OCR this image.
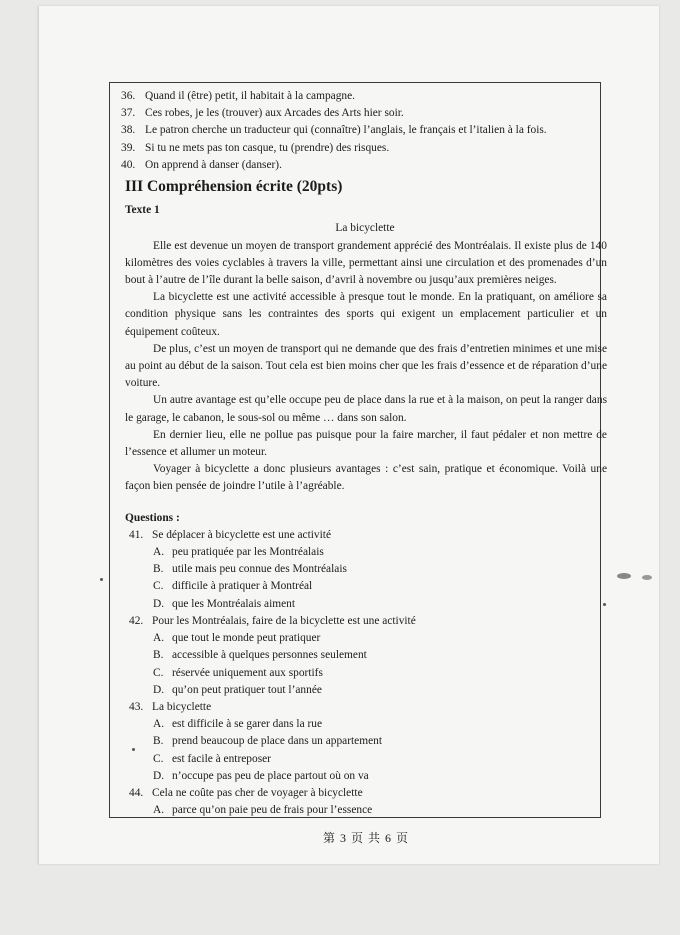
36. Quand il (être) petit, il habitait à la campagne.
37. Ces robes, je les (trouver) aux Arcades des Arts hier soir.
38. Le patron cherche un traducteur qui (connaître) l’anglais, le français et l’italien à la fois.
39. Si tu ne mets pas ton casque, tu (prendre) des risques.
40. On apprend à danser (danser).
III Compréhension écrite (20pts)
Texte 1
La bicyclette

Elle est devenue un moyen de transport grandement apprécié des Montréalais. Il existe plus de 140 kilomètres des voies cyclables à travers la ville, permettant ainsi une circulation et des promenades d’un bout à l’autre de l’île durant la belle saison, d’avril à novembre ou jusqu’aux premières neiges.

La bicyclette est une activité accessible à presque tout le monde. En la pratiquant, on améliore sa condition physique sans les contraintes des sports qui exigent un emplacement particulier et un équipement coûteux.

De plus, c’est un moyen de transport qui ne demande que des frais d’entretien minimes et une mise au point au début de la saison. Tout cela est bien moins cher que les frais d’essence et de réparation d’une voiture.

Un autre avantage est qu’elle occupe peu de place dans la rue et à la maison, on peut la ranger dans le garage, le cabanon, le sous-sol ou même … dans son salon.

En dernier lieu, elle ne pollue pas puisque pour la faire marcher, il faut pédaler et non mettre de l’essence et allumer un moteur.

Voyager à bicyclette a donc plusieurs avantages : c’est sain, pratique et économique. Voilà une façon bien pensée de joindre l’utile à l’agréable.

Questions :
41. Se déplacer à bicyclette est une activité
A. peu pratiquée par les Montréalais
B. utile mais peu connue des Montréalais
C. difficile à pratiquer à Montréal
D. que les Montréalais aiment
42. Pour les Montréalais, faire de la bicyclette est une activité
A. que tout le monde peut pratiquer
B. accessible à quelques personnes seulement
C. réservée uniquement aux sportifs
D. qu’on peut pratiquer tout l’année
43. La bicyclette
A. est difficile à se garer dans la rue
B. prend beaucoup de place dans un appartement
C. est facile à entreposer
D. n’occupe pas peu de place partout où on va
44. Cela ne coûte pas cher de voyager à bicyclette
A. parce qu’on paie peu de frais pour l’essence
第 3 页 共 6 页
